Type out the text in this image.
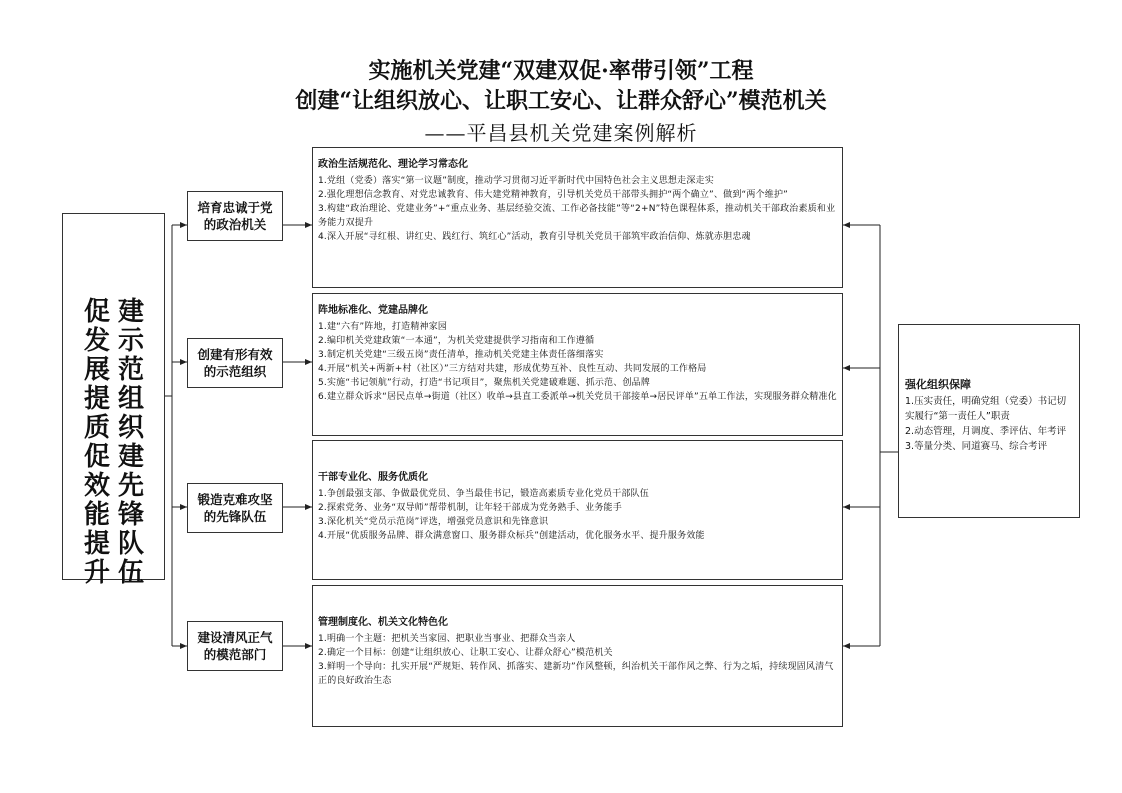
实施机关党建“双建双促·率带引领”工程
创建“让组织放心、让职工安心、让群众舒心”模范机关
——平昌县机关党建案例解析
建示范组织建先锋队伍
促发展提质促效能提升
培育忠诚于党
的政治机关
政治生活规范化、理论学习常态化
1.党组（党委）落实“第一议题”制度，推动学习贯彻习近平新时代中国特色社会主义思想走深走实
2.强化理想信念教育、对党忠诚教育、伟大建党精神教育，引导机关党员干部带头拥护“两个确立”、做到“两个维护”
3.构建“政治理论、党建业务”+“重点业务、基层经验交流、工作必备技能”等“2+N”特色课程体系，推动机关干部政治素质和业务能力双提升
4.深入开展“寻红根、讲红史、践红行、筑红心”活动，教育引导机关党员干部筑牢政治信仰、炼就赤胆忠魂
创建有形有效
的示范组织
阵地标准化、党建品牌化
1.建“六有”阵地，打造精神家园
2.编印机关党建政策“一本通”，为机关党建提供学习指南和工作遵循
3.制定机关党建“三级五岗”责任清单，推动机关党建主体责任落细落实
4.开展“机关+两新+村（社区）”三方结对共建，形成优势互补、良性互动、共同发展的工作格局
5.实施“书记领航”行动，打造“书记项目”，聚焦机关党建破难题、抓示范、创品牌
6.建立群众诉求“居民点单→街道（社区）收单→县直工委派单→机关党员干部接单→居民评单”五单工作法，实现服务群众精准化
锻造克难攻坚
的先锋队伍
干部专业化、服务优质化
1.争创最强支部、争做最优党员、争当最佳书记，锻造高素质专业化党员干部队伍
2.探索党务、业务“双导师”帮带机制，让年轻干部成为党务熟手、业务能手
3.深化机关“党员示范岗”评选，增强党员意识和先锋意识
4.开展“优质服务品牌、群众满意窗口、服务群众标兵”创建活动，优化服务水平、提升服务效能
建设清风正气
的模范部门
管理制度化、机关文化特色化
1.明确一个主题：把机关当家园、把职业当事业、把群众当亲人
2.确定一个目标：创建“让组织放心、让职工安心、让群众舒心”模范机关
3.鲜明一个导向：扎实开展“严规矩、转作风、抓落实、建新功”作风整顿，纠治机关干部作风之弊、行为之垢，持续现固风清气正的良好政治生态
强化组织保障
1.压实责任，明确党组（党委）书记切实履行“第一责任人”职责
2.动态管理，月调度、季评估、年考评
3.等量分类、同道赛马、综合考评
